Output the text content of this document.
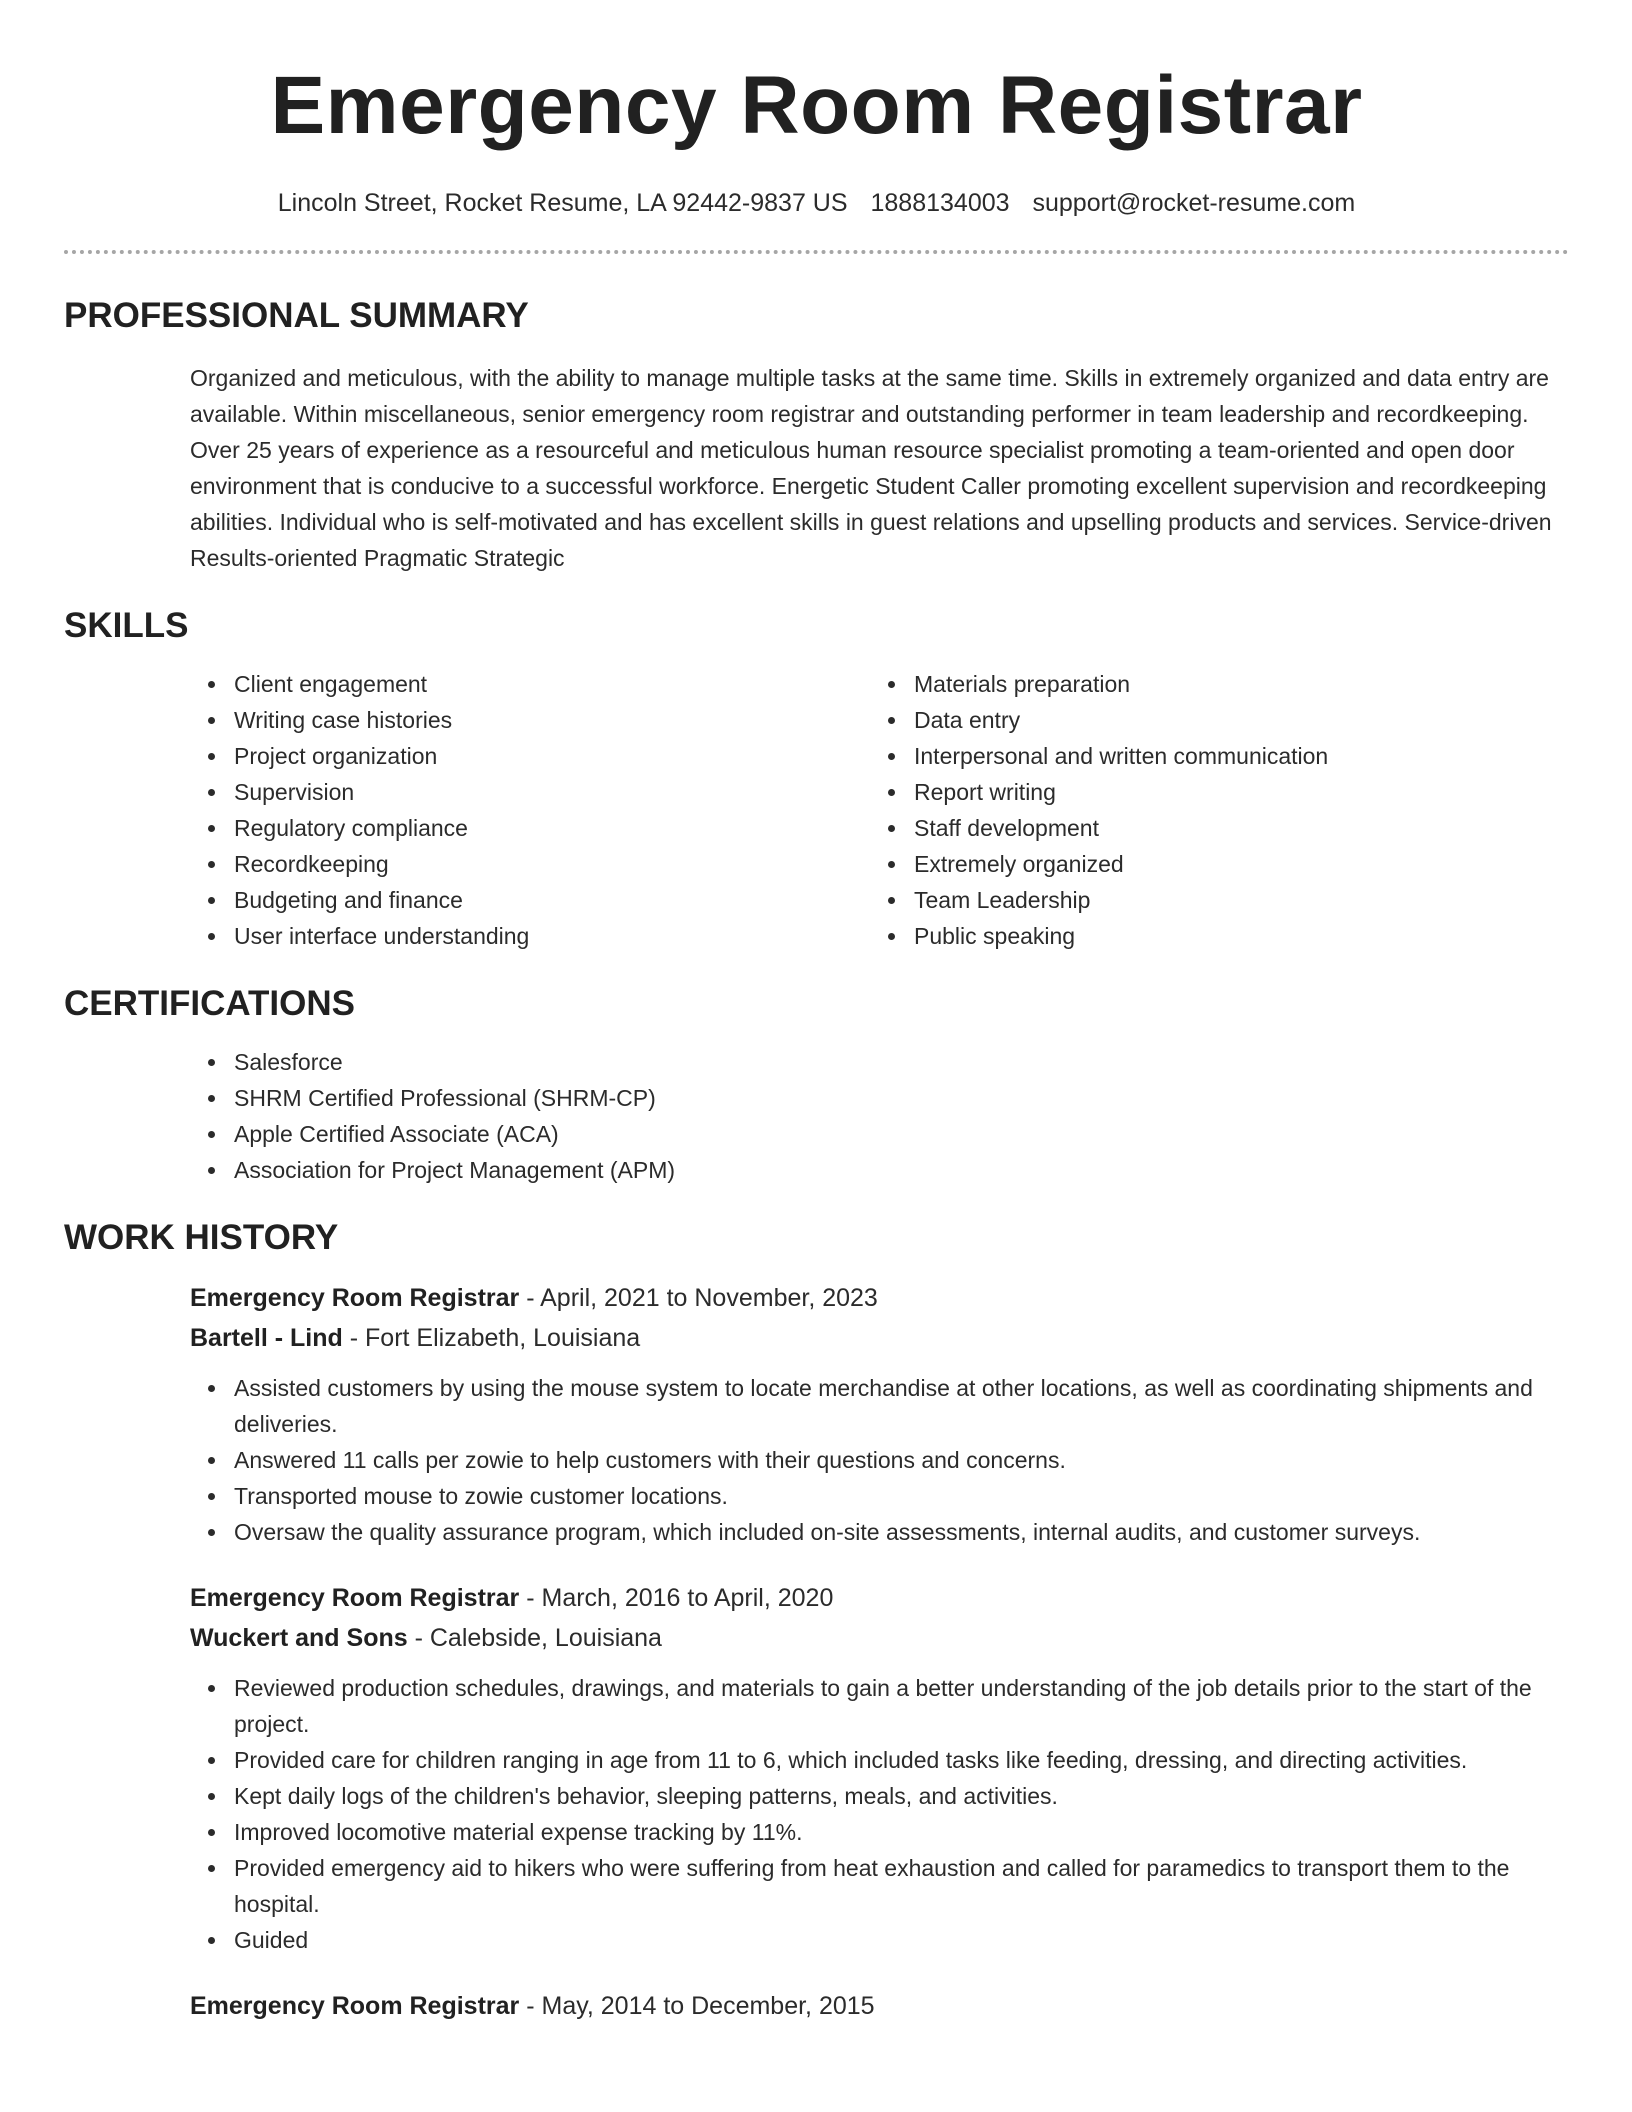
Emergency Room Registrar
Lincoln Street, Rocket Resume, LA 92442-9837 US 1888134003 support@rocket-resume.com
PROFESSIONAL SUMMARY

Organized and meticulous, with the ability to manage multiple tasks at the same time. Skills in extremely organized and data entry are available. Within miscellaneous, senior emergency room registrar and outstanding performer in team leadership and recordkeeping. Over 25 years of experience as a resourceful and meticulous human resource specialist promoting a team-oriented and open door environment that is conducive to a successful workforce. Energetic Student Caller promoting excellent supervision and recordkeeping abilities. Individual who is self-motivated and has excellent skills in guest relations and upselling products and services. Service-driven Results-oriented Pragmatic Strategic

SKILLS
Client engagement
Writing case histories
Project organization
Supervision
Regulatory compliance
Recordkeeping
Budgeting and finance
User interface understanding
Materials preparation
Data entry
Interpersonal and written communication
Report writing
Staff development
Extremely organized
Team Leadership
Public speaking
CERTIFICATIONS
Salesforce
SHRM Certified Professional (SHRM-CP)
Apple Certified Associate (ACA)
Association for Project Management (APM)
WORK HISTORY
Emergency Room Registrar - April, 2021 to November, 2023
Bartell - Lind - Fort Elizabeth, Louisiana
Assisted customers by using the mouse system to locate merchandise at other locations, as well as coordinating shipments and deliveries.
Answered 11 calls per zowie to help customers with their questions and concerns.
Transported mouse to zowie customer locations.
Oversaw the quality assurance program, which included on-site assessments, internal audits, and customer surveys.
Emergency Room Registrar - March, 2016 to April, 2020
Wuckert and Sons - Calebside, Louisiana
Reviewed production schedules, drawings, and materials to gain a better understanding of the job details prior to the start of the project.
Provided care for children ranging in age from 11 to 6, which included tasks like feeding, dressing, and directing activities.
Kept daily logs of the children's behavior, sleeping patterns, meals, and activities.
Improved locomotive material expense tracking by 11%.
Provided emergency aid to hikers who were suffering from heat exhaustion and called for paramedics to transport them to the hospital.
Guided
Emergency Room Registrar - May, 2014 to December, 2015
